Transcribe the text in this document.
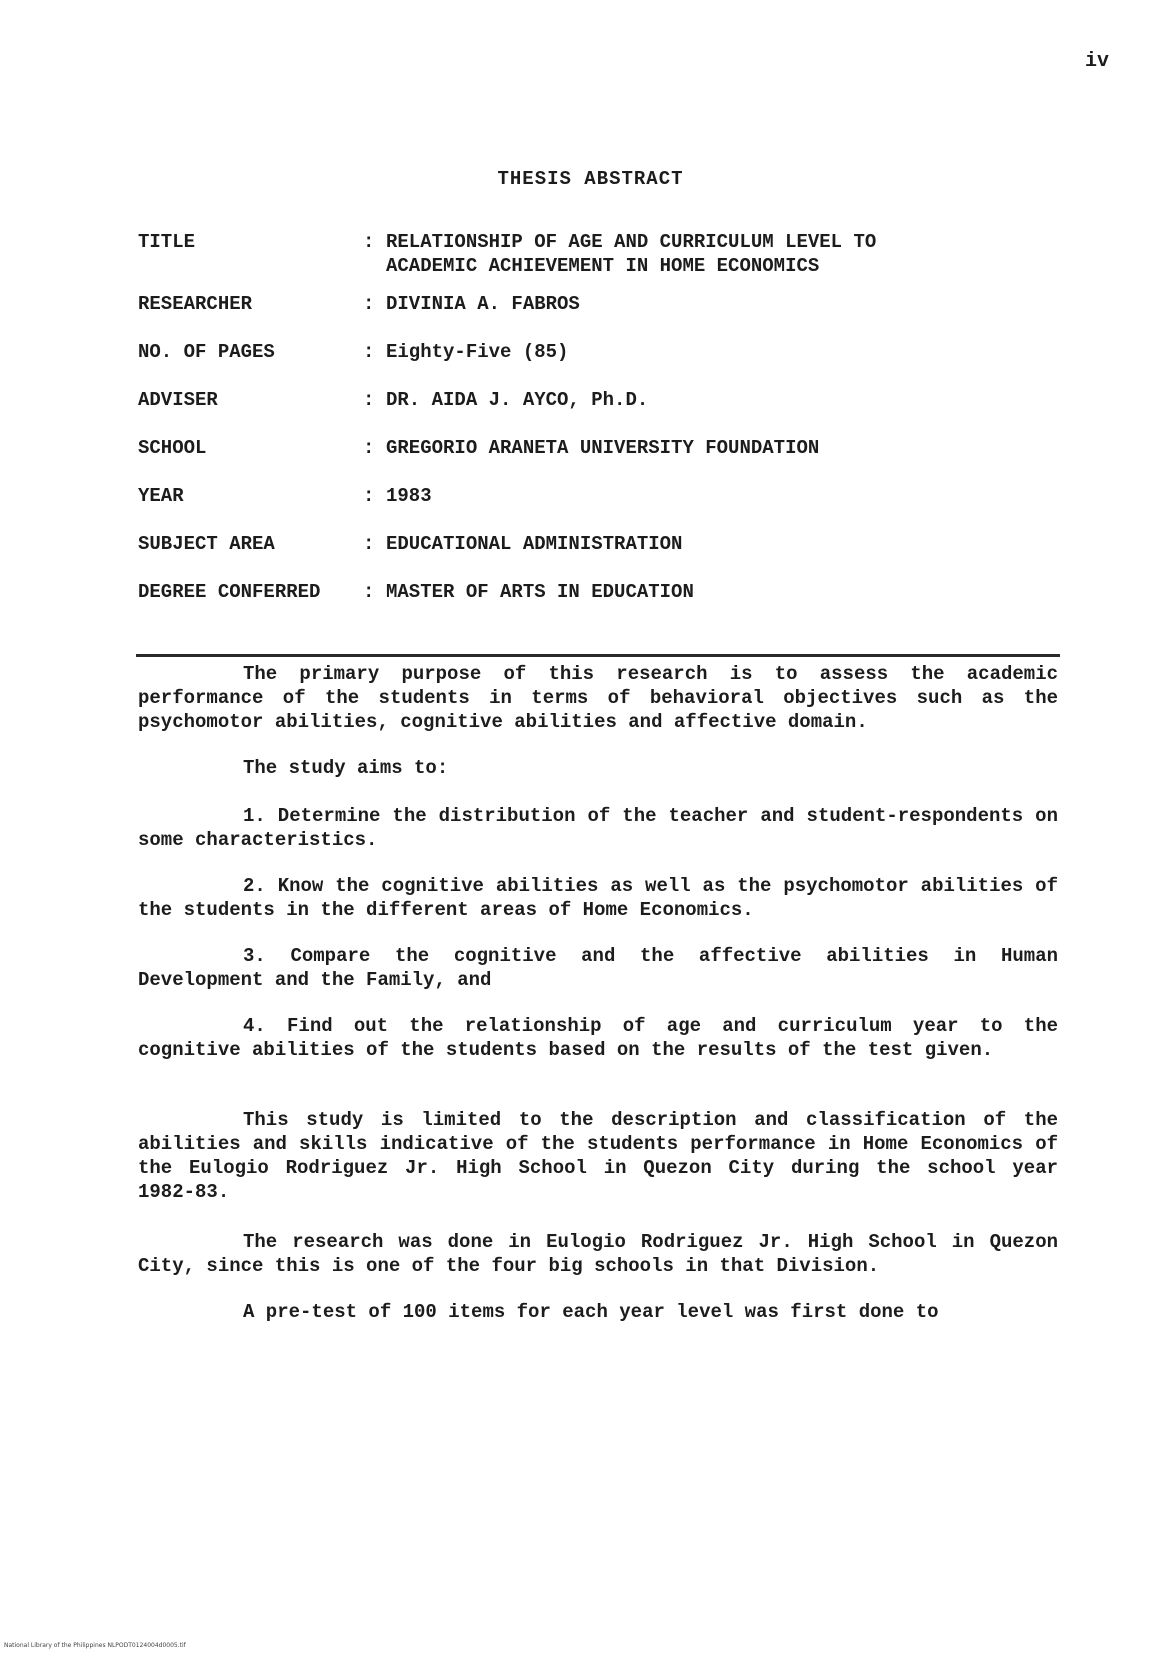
iv
THESIS ABSTRACT
TITLE	: RELATIONSHIP OF AGE AND CURRICULUM LEVEL TO
ACADEMIC ACHIEVEMENT IN HOME ECONOMICS
RESEARCHER	: DIVINIA A. FABROS
NO. OF PAGES	: Eighty-Five (85)
ADVISER	: DR. AIDA J. AYCO, Ph.D.
SCHOOL	: GREGORIO ARANETA UNIVERSITY FOUNDATION
YEAR	: 1983
SUBJECT AREA	: EDUCATIONAL ADMINISTRATION
DEGREE CONFERRED : MASTER OF ARTS IN EDUCATION

The primary purpose of this research is to assess the academic performance of the students in terms of behavioral objectives such as the psychomotor abilities, cognitive abilities and affective domain.

The study aims to:

1. Determine the distribution of the teacher and student-respondents on some characteristics.

2. Know the cognitive abilities as well as the psychomotor abilities of the students in the different areas of Home Economics.

3. Compare the cognitive and the affective abilities in Human Development and the Family, and

4. Find out the relationship of age and curriculum year to the cognitive abilities of the students based on the results of the test given.

This study is limited to the description and classification of the abilities and skills indicative of the students performance in Home Economics of the Eulogio Rodriguez Jr. High School in Quezon City during the school year 1982-83.

The research was done in Eulogio Rodriguez Jr. High School in Quezon City, since this is one of the four big schools in that Division.

A pre-test of 100 items for each year level was first done to

National Library of the Philippines NLPODT0124004d0005.tif
